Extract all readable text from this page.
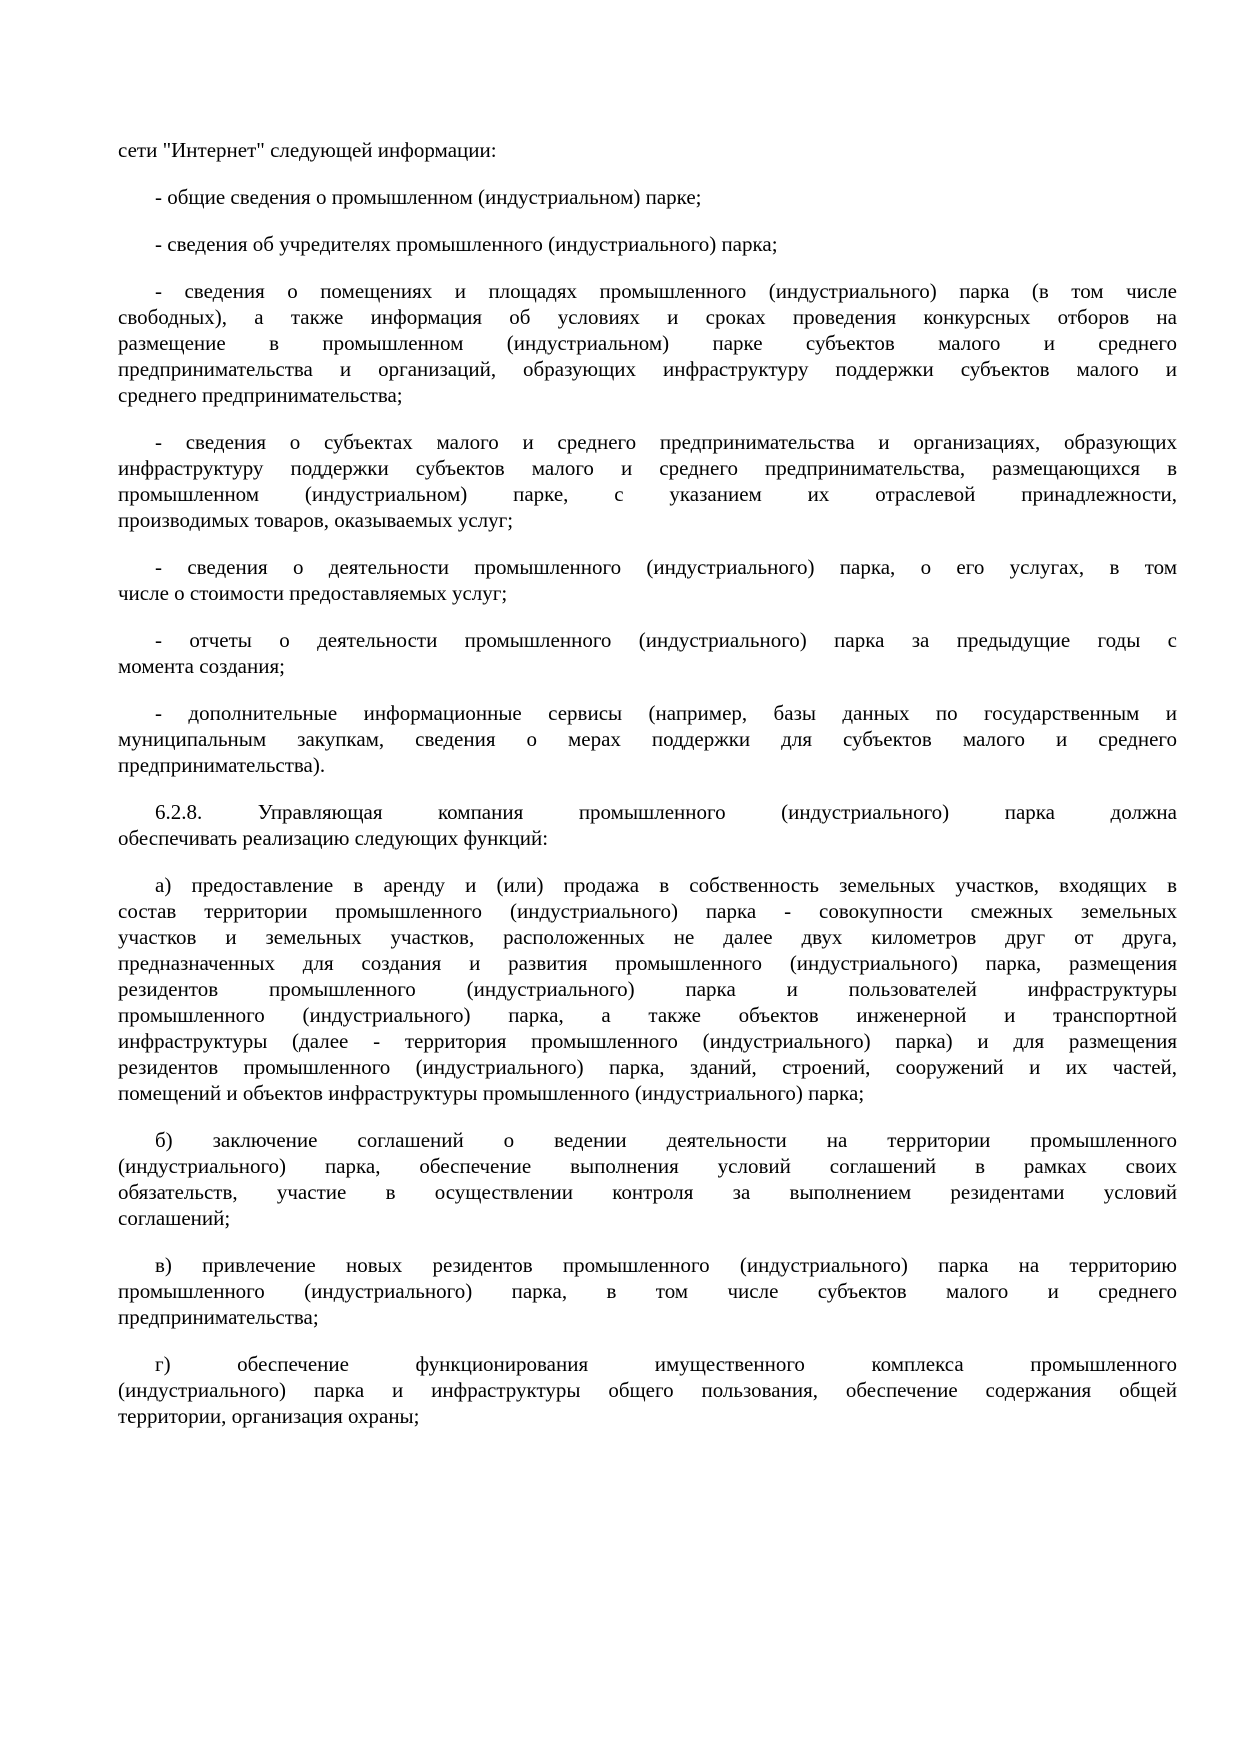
сети "Интернет" следующей информации:
- общие сведения о промышленном (индустриальном) парке;
- сведения об учредителях промышленного (индустриального) парка;
- сведения о помещениях и площадях промышленного (индустриального) парка (в том числе
свободных), а также информация об условиях и сроках проведения конкурсных отборов на
размещение в промышленном (индустриальном) парке субъектов малого и среднего
предпринимательства и организаций, образующих инфраструктуру поддержки субъектов малого и
среднего предпринимательства;
- сведения о субъектах малого и среднего предпринимательства и организациях, образующих
инфраструктуру поддержки субъектов малого и среднего предпринимательства, размещающихся в
промышленном (индустриальном) парке, с указанием их отраслевой принадлежности,
производимых товаров, оказываемых услуг;
- сведения о деятельности промышленного (индустриального) парка, о его услугах, в том
числе о стоимости предоставляемых услуг;
- отчеты о деятельности промышленного (индустриального) парка за предыдущие годы с
момента создания;
- дополнительные информационные сервисы (например, базы данных по государственным и
муниципальным закупкам, сведения о мерах поддержки для субъектов малого и среднего
предпринимательства).
6.2.8. Управляющая компания промышленного (индустриального) парка должна
обеспечивать реализацию следующих функций:
а) предоставление в аренду и (или) продажа в собственность земельных участков, входящих в
состав территории промышленного (индустриального) парка - совокупности смежных земельных
участков и земельных участков, расположенных не далее двух километров друг от друга,
предназначенных для создания и развития промышленного (индустриального) парка, размещения
резидентов промышленного (индустриального) парка и пользователей инфраструктуры
промышленного (индустриального) парка, а также объектов инженерной и транспортной
инфраструктуры (далее - территория промышленного (индустриального) парка) и для размещения
резидентов промышленного (индустриального) парка, зданий, строений, сооружений и их частей,
помещений и объектов инфраструктуры промышленного (индустриального) парка;
б) заключение соглашений о ведении деятельности на территории промышленного
(индустриального) парка, обеспечение выполнения условий соглашений в рамках своих
обязательств, участие в осуществлении контроля за выполнением резидентами условий
соглашений;
в) привлечение новых резидентов промышленного (индустриального) парка на территорию
промышленного (индустриального) парка, в том числе субъектов малого и среднего
предпринимательства;
г) обеспечение функционирования имущественного комплекса промышленного
(индустриального) парка и инфраструктуры общего пользования, обеспечение содержания общей
территории, организация охраны;
